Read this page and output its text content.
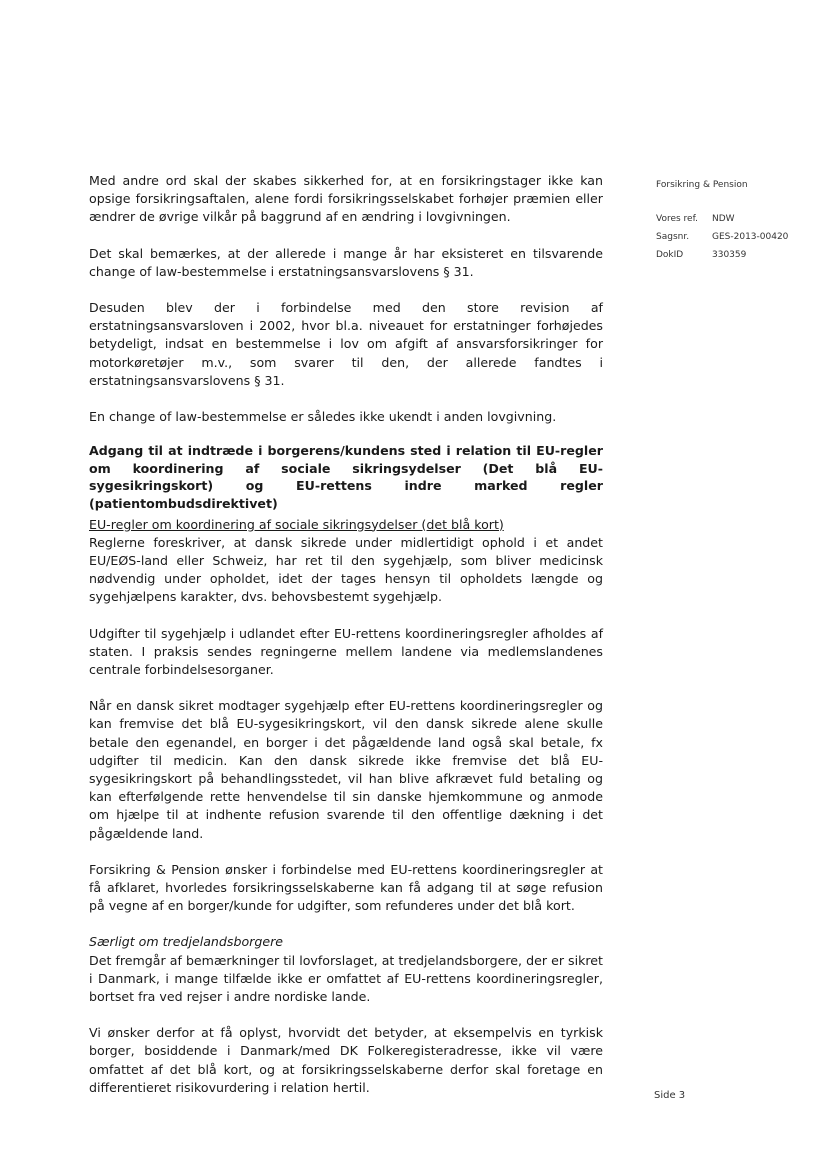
Med andre ord skal der skabes sikkerhed for, at en forsikringstager ikke kan opsige forsikringsaftalen, alene fordi forsikringsselskabet forhøjer præmien eller ændrer de øvrige vilkår på baggrund af en ændring i lovgivningen.

Det skal bemærkes, at der allerede i mange år har eksisteret en tilsvarende change of law-bestemmelse i erstatningsansvarslovens § 31.

Desuden blev der i forbindelse med den store revision af erstatningsansvarsloven i 2002, hvor bl.a. niveauet for erstatninger forhøjedes betydeligt, indsat en bestemmelse i lov om afgift af ansvarsforsikringer for motorkøretøjer m.v., som svarer til den, der allerede fandtes i erstatningsansvarslovens § 31.

En change of law-bestemmelse er således ikke ukendt i anden lovgivning.

Adgang til at indtræde i borgerens/kundens sted i relation til EU-regler om koordinering af sociale sikringsydelser (Det blå EU-sygesikringskort) og EU-rettens indre marked regler (patientombudsdirektivet)

EU-regler om koordinering af sociale sikringsydelser (det blå kort)
Reglerne foreskriver, at dansk sikrede under midlertidigt ophold i et andet EU/EØS-land eller Schweiz, har ret til den sygehjælp, som bliver medicinsk nødvendig under opholdet, idet der tages hensyn til opholdets længde og sygehjælpens karakter, dvs. behovsbestemt sygehjælp.

Udgifter til sygehjælp i udlandet efter EU-rettens koordineringsregler afholdes af staten. I praksis sendes regningerne mellem landene via medlemslandenes centrale forbindelsesorganer.

Når en dansk sikret modtager sygehjælp efter EU-rettens koordineringsregler og kan fremvise det blå EU-sygesikringskort, vil den dansk sikrede alene skulle betale den egenandel, en borger i det pågældende land også skal betale, fx udgifter til medicin. Kan den dansk sikrede ikke fremvise det blå EU-sygesikringskort på behandlingsstedet, vil han blive afkrævet fuld betaling og kan efterfølgende rette henvendelse til sin danske hjemkommune og anmode om hjælpe til at indhente refusion svarende til den offentlige dækning i det pågældende land.

Forsikring & Pension ønsker i forbindelse med EU-rettens koordineringsregler at få afklaret, hvorledes forsikringsselskaberne kan få adgang til at søge refusion på vegne af en borger/kunde for udgifter, som refunderes under det blå kort.

Særligt om tredjelandsborgere
Det fremgår af bemærkninger til lovforslaget, at tredjelandsborgere, der er sikret i Danmark, i mange tilfælde ikke er omfattet af EU-rettens koordineringsregler, bortset fra ved rejser i andre nordiske lande.

Vi ønsker derfor at få oplyst, hvorvidt det betyder, at eksempelvis en tyrkisk borger, bosiddende i Danmark/med DK Folkeregisteradresse, ikke vil være omfattet af det blå kort, og at forsikringsselskaberne derfor skal foretage en differentieret risikovurdering i relation hertil.

Forsikring & Pension
Vores ref.	NDW
Sagsnr.	GES-2013-00420
DokID	330359
Side 3
